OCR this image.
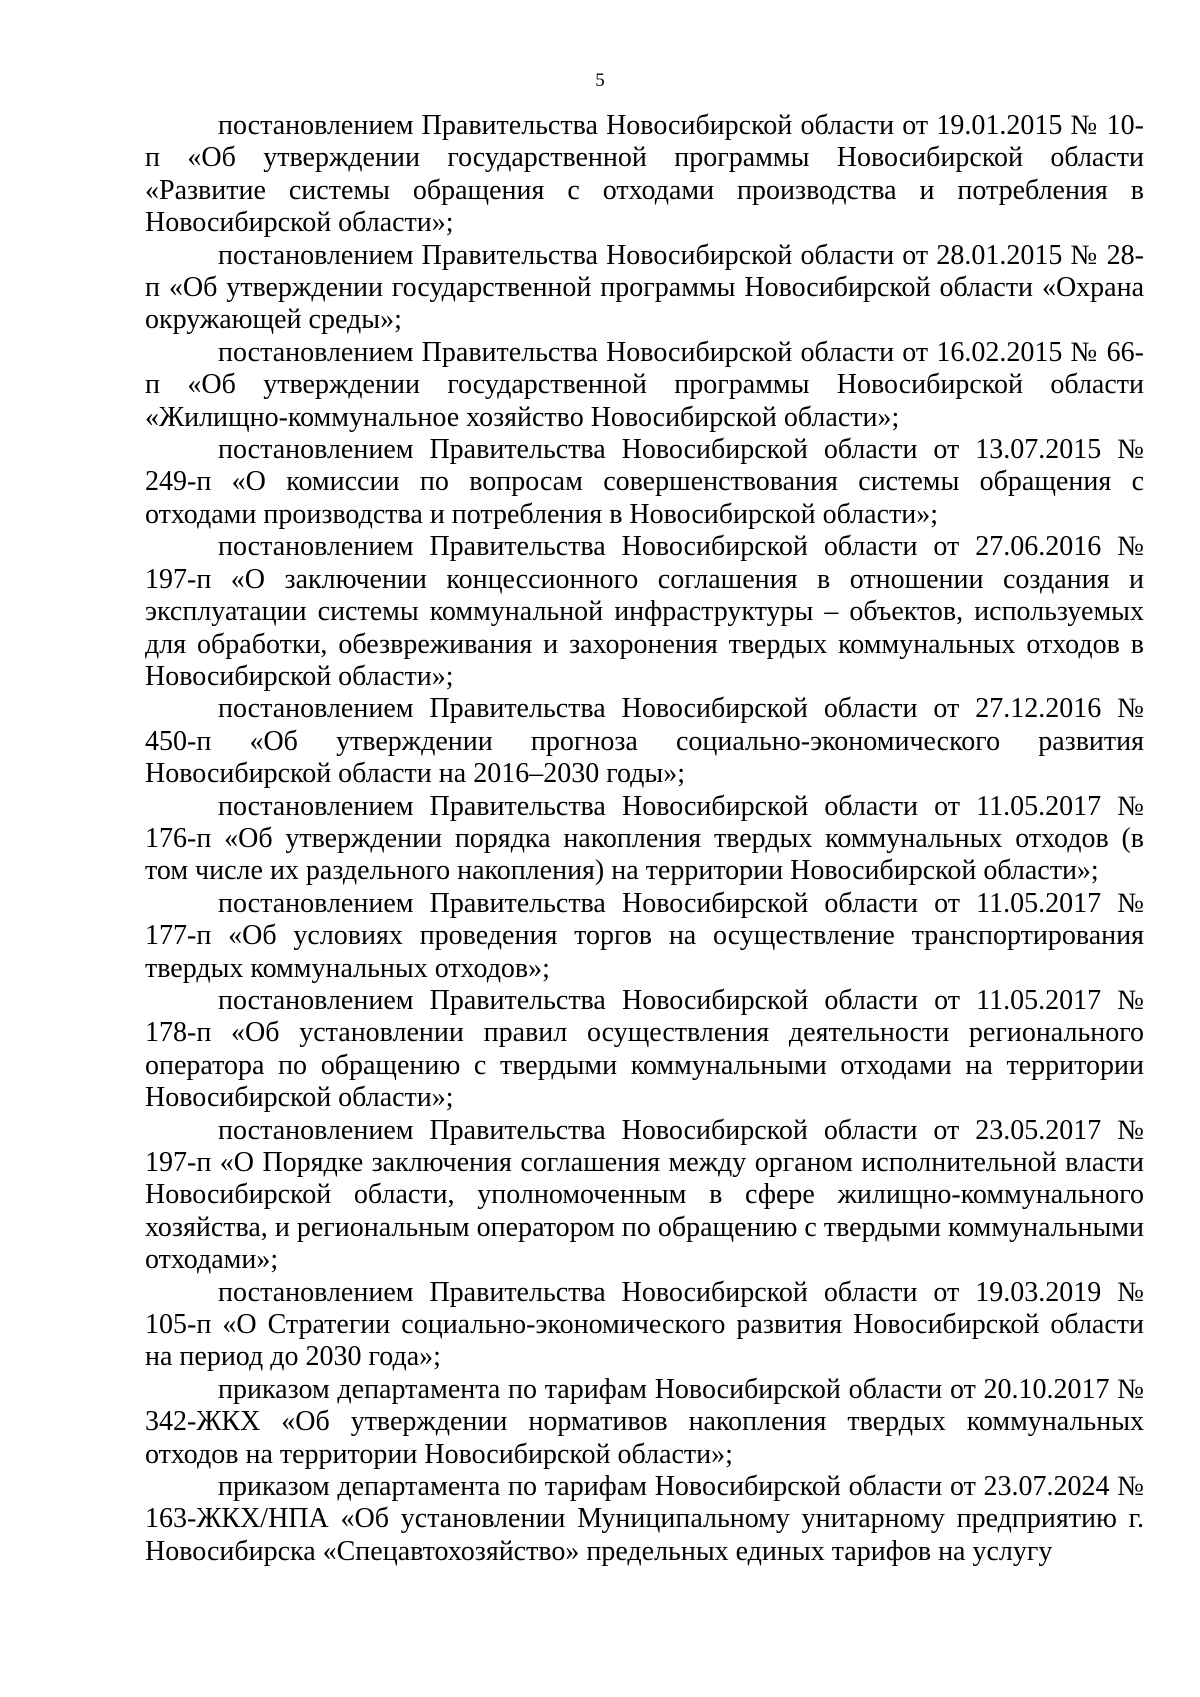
5

постановлением Правительства Новосибирской области от 19.01.2015 № 10-п «Об утверждении государственной программы Новосибирской области «Развитие системы обращения с отходами производства и потребления в Новосибирской области»;

постановлением Правительства Новосибирской области от 28.01.2015 № 28-п «Об утверждении государственной программы Новосибирской области «Охрана окружающей среды»;

постановлением Правительства Новосибирской области от 16.02.2015 № 66-п «Об утверждении государственной программы Новосибирской области «Жилищно-коммунальное хозяйство Новосибирской области»;

постановлением Правительства Новосибирской области от 13.07.2015 № 249-п «О комиссии по вопросам совершенствования системы обращения с отходами производства и потребления в Новосибирской области»;

постановлением Правительства Новосибирской области от 27.06.2016 № 197-п «О заключении концессионного соглашения в отношении создания и эксплуатации системы коммунальной инфраструктуры – объектов, используемых для обработки, обезвреживания и захоронения твердых коммунальных отходов в Новосибирской области»;

постановлением Правительства Новосибирской области от 27.12.2016 № 450-п «Об утверждении прогноза социально-экономического развития Новосибирской области на 2016–2030 годы»;

постановлением Правительства Новосибирской области от 11.05.2017 № 176-п «Об утверждении порядка накопления твердых коммунальных отходов (в том числе их раздельного накопления) на территории Новосибирской области»;

постановлением Правительства Новосибирской области от 11.05.2017 № 177-п «Об условиях проведения торгов на осуществление транспортирования твердых коммунальных отходов»;

постановлением Правительства Новосибирской области от 11.05.2017 № 178-п «Об установлении правил осуществления деятельности регионального оператора по обращению с твердыми коммунальными отходами на территории Новосибирской области»;

постановлением Правительства Новосибирской области от 23.05.2017 № 197-п «О Порядке заключения соглашения между органом исполнительной власти Новосибирской области, уполномоченным в сфере жилищно-коммунального хозяйства, и региональным оператором по обращению с твердыми коммунальными отходами»;

постановлением Правительства Новосибирской области от 19.03.2019 № 105-п «О Стратегии социально-экономического развития Новосибирской области на период до 2030 года»;

приказом департамента по тарифам Новосибирской области от 20.10.2017 № 342-ЖКХ «Об утверждении нормативов накопления твердых коммунальных отходов на территории Новосибирской области»;

приказом департамента по тарифам Новосибирской области от 23.07.2024 № 163-ЖКХ/НПА «Об установлении Муниципальному унитарному предприятию г. Новосибирска «Спецавтохозяйство» предельных единых тарифов на услугу
